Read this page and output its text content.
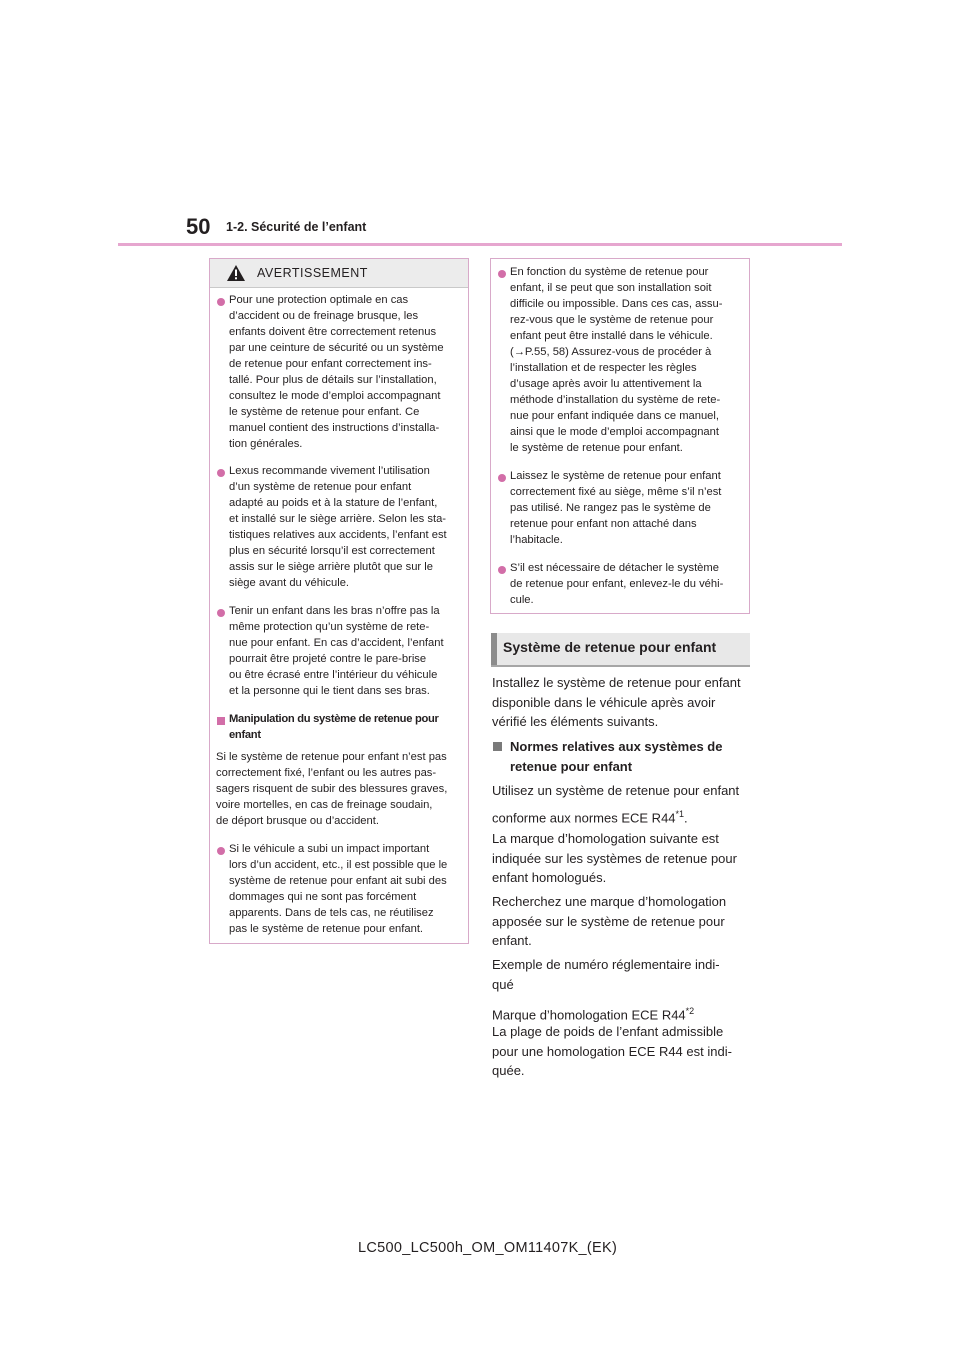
50 1-2. Sécurité de l’enfant
AVERTISSEMENT
Pour une protection optimale en cas
d’accident ou de freinage brusque, les
enfants doivent être correctement retenus
par une ceinture de sécurité ou un système
de retenue pour enfant correctement ins-
tallé. Pour plus de détails sur l’installation,
consultez le mode d’emploi accompagnant
le système de retenue pour enfant. Ce
manuel contient des instructions d’installa-
tion générales.
Lexus recommande vivement l’utilisation
d’un système de retenue pour enfant
adapté au poids et à la stature de l’enfant,
et installé sur le siège arrière. Selon les sta-
tistiques relatives aux accidents, l’enfant est
plus en sécurité lorsqu’il est correctement
assis sur le siège arrière plutôt que sur le
siège avant du véhicule.
Tenir un enfant dans les bras n’offre pas la
même protection qu’un système de rete-
nue pour enfant. En cas d’accident, l’enfant
pourrait être projeté contre le pare-brise
ou être écrasé entre l’intérieur du véhicule
et la personne qui le tient dans ses bras.
Manipulation du système de retenue pour
enfant
Si le système de retenue pour enfant n’est pas
correctement fixé, l’enfant ou les autres pas-
sagers risquent de subir des blessures graves,
voire mortelles, en cas de freinage soudain,
de déport brusque ou d’accident.
Si le véhicule a subi un impact important
lors d’un accident, etc., il est possible que le
système de retenue pour enfant ait subi des
dommages qui ne sont pas forcément
apparents. Dans de tels cas, ne réutilisez
pas le système de retenue pour enfant.
En fonction du système de retenue pour
enfant, il se peut que son installation soit
difficile ou impossible. Dans ces cas, assu-
rez-vous que le système de retenue pour
enfant peut être installé dans le véhicule.
(→P.55, 58) Assurez-vous de procéder à
l’installation et de respecter les règles
d’usage après avoir lu attentivement la
méthode d’installation du système de rete-
nue pour enfant indiquée dans ce manuel,
ainsi que le mode d’emploi accompagnant
le système de retenue pour enfant.
Laissez le système de retenue pour enfant
correctement fixé au siège, même s’il n’est
pas utilisé. Ne rangez pas le système de
retenue pour enfant non attaché dans
l’habitacle.
S’il est nécessaire de détacher le système
de retenue pour enfant, enlevez-le du véhi-
cule.
Système de retenue pour enfant
Installez le système de retenue pour enfant
disponible dans le véhicule après avoir
vérifié les éléments suivants.
Normes relatives aux systèmes de
retenue pour enfant
Utilisez un système de retenue pour enfant
conforme aux normes ECE R44$^{*1}$.
La marque d’homologation suivante est
indiquée sur les systèmes de retenue pour
enfant homologués.
Recherchez une marque d’homologation
apposée sur le système de retenue pour
enfant.
Exemple de numéro réglementaire indi-
qué
Marque d’homologation ECE R44$^{*2}$
La plage de poids de l’enfant admissible
pour une homologation ECE R44 est indi-
quée.
LC500_LC500h_OM_OM11407K_(EK)
